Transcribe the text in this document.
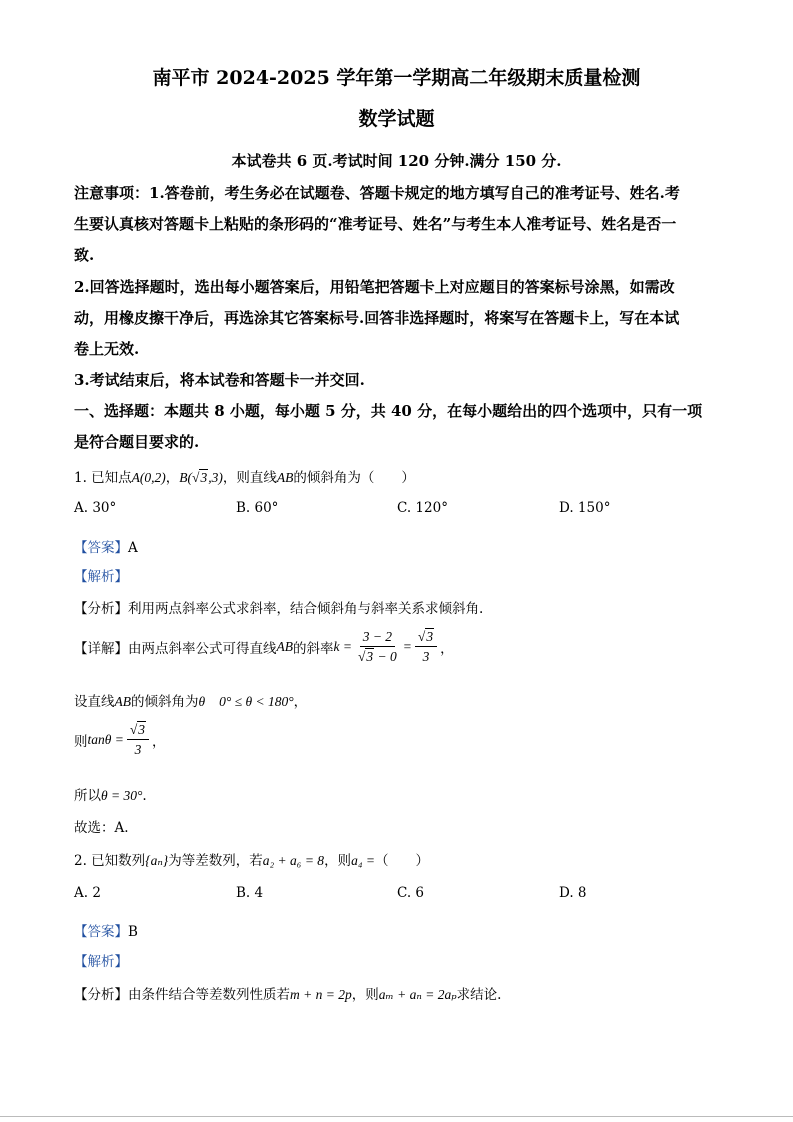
南平市 2024-2025 学年第一学期高二年级期末质量检测
数学试题
本试卷共 6 页.考试时间 120 分钟.满分 150 分.
注意事项：1.答卷前，考生务必在试题卷、答题卡规定的地方填写自己的准考证号、姓名.考
生要认真核对答题卡上粘贴的条形码的“准考证号、姓名”与考生本人准考证号、姓名是否一
致.
2.回答选择题时，选出每小题答案后，用铅笔把答题卡上对应题目的答案标号涂黑，如需改
动，用橡皮擦干净后，再选涂其它答案标号.回答非选择题时，将案写在答题卡上，写在本试
卷上无效.
3.考试结束后，将本试卷和答题卡一并交回.
一、选择题：本题共 8 小题，每小题 5 分，共 40 分，在每小题给出的四个选项中，只有一项
是符合题目要求的.
1. 已知点A(0,2)，B(√3,3)，则直线AB的倾斜角为（　　）
A. 30°	B. 60°	C. 120°	D. 150°
【答案】A
【解析】
【分析】利用两点斜率公式求斜率，结合倾斜角与斜率关系求倾斜角.
【详解】 由两点斜率公式可得直线 AB 的斜率 $k = \frac{3 - 2}{√3 - 0} = \frac{√3}{3}$ ，
设直线AB的倾斜角为θ 0° ≤ θ < 180°，
则 $\tan\theta = \frac{√3}{3}$ ，
所以θ = 30°.
故选：A.
2. 已知数列{aₙ}为等差数列，若a₂ + a₆ = 8，则a₄ =（　　）
A. 2	B. 4	C. 6	D. 8
【答案】B
【解析】
【分析】由条件结合等差数列性质若m + n = 2p，则aₘ + aₙ = 2aₚ求结论.
